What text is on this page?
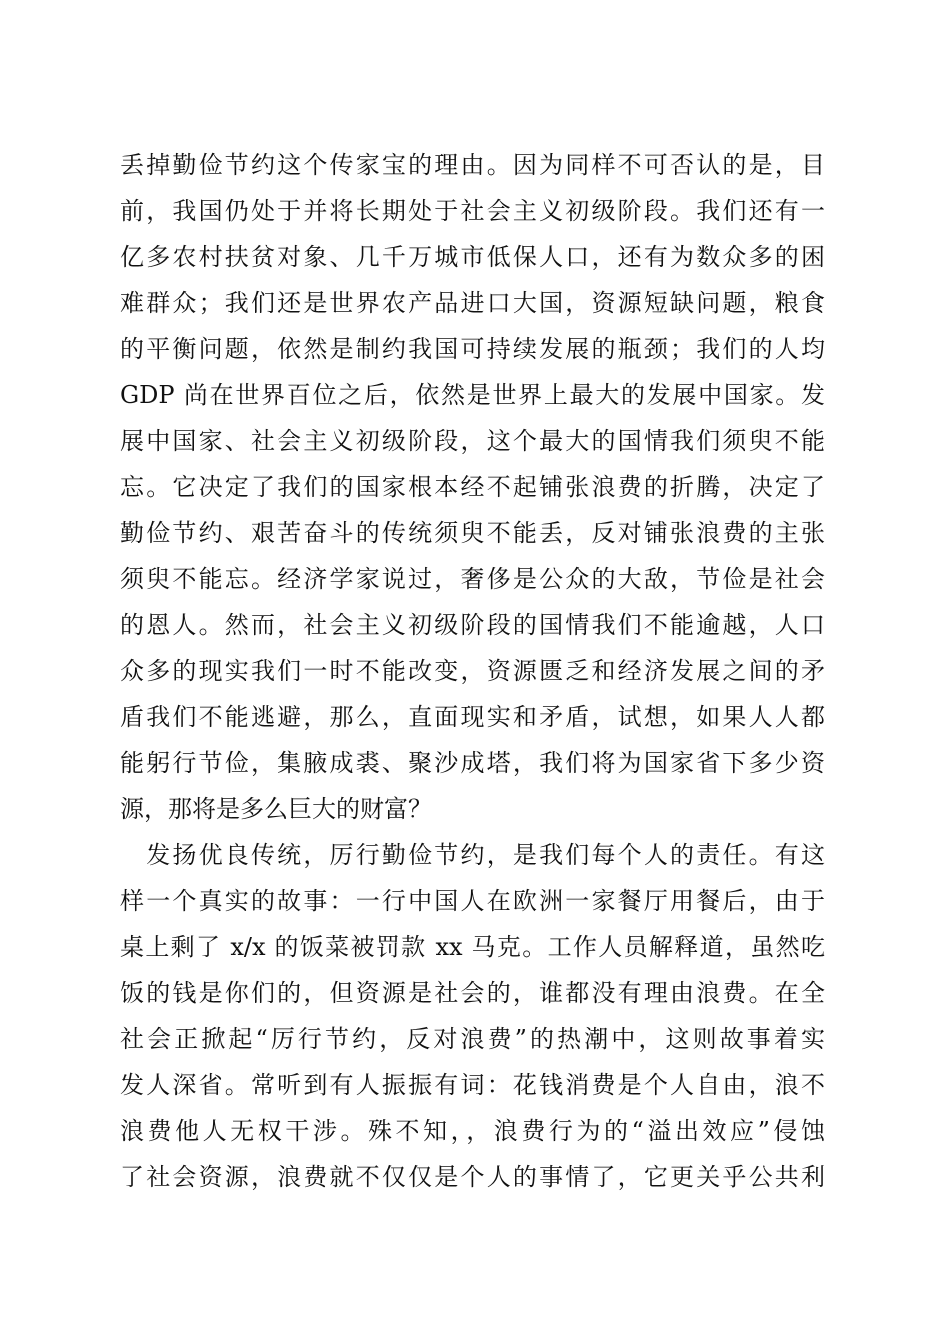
丢掉勤俭节约这个传家宝的理由。因为同样不可否认的是，目
前，我国仍处于并将长期处于社会主义初级阶段。我们还有一
亿多农村扶贫对象、几千万城市低保人口，还有为数众多的困
难群众；我们还是世界农产品进口大国，资源短缺问题，粮食
的平衡问题，依然是制约我国可持续发展的瓶颈；我们的人均
GDP 尚在世界百位之后，依然是世界上最大的发展中国家。发
展中国家、社会主义初级阶段，这个最大的国情我们须臾不能
忘。它决定了我们的国家根本经不起铺张浪费的折腾，决定了
勤俭节约、艰苦奋斗的传统须臾不能丢，反对铺张浪费的主张
须臾不能忘。经济学家说过，奢侈是公众的大敌，节俭是社会
的恩人。然而，社会主义初级阶段的国情我们不能逾越，人口
众多的现实我们一时不能改变，资源匮乏和经济发展之间的矛
盾我们不能逃避，那么，直面现实和矛盾，试想，如果人人都
能躬行节俭，集腋成裘、聚沙成塔，我们将为国家省下多少资
源，那将是多么巨大的财富？
　发扬优良传统，厉行勤俭节约，是我们每个人的责任。有这
样一个真实的故事：一行中国人在欧洲一家餐厅用餐后，由于
桌上剩了 x/x 的饭菜被罚款 xx 马克。工作人员解释道，虽然吃
饭的钱是你们的，但资源是社会的，谁都没有理由浪费。在全
社会正掀起“厉行节约，反对浪费”的热潮中，这则故事着实
发人深省。常听到有人振振有词：花钱消费是个人自由，浪不
浪费他人无权干涉。殊不知，，浪费行为的“溢出效应”侵蚀
了社会资源，浪费就不仅仅是个人的事情了，它更关乎公共利
